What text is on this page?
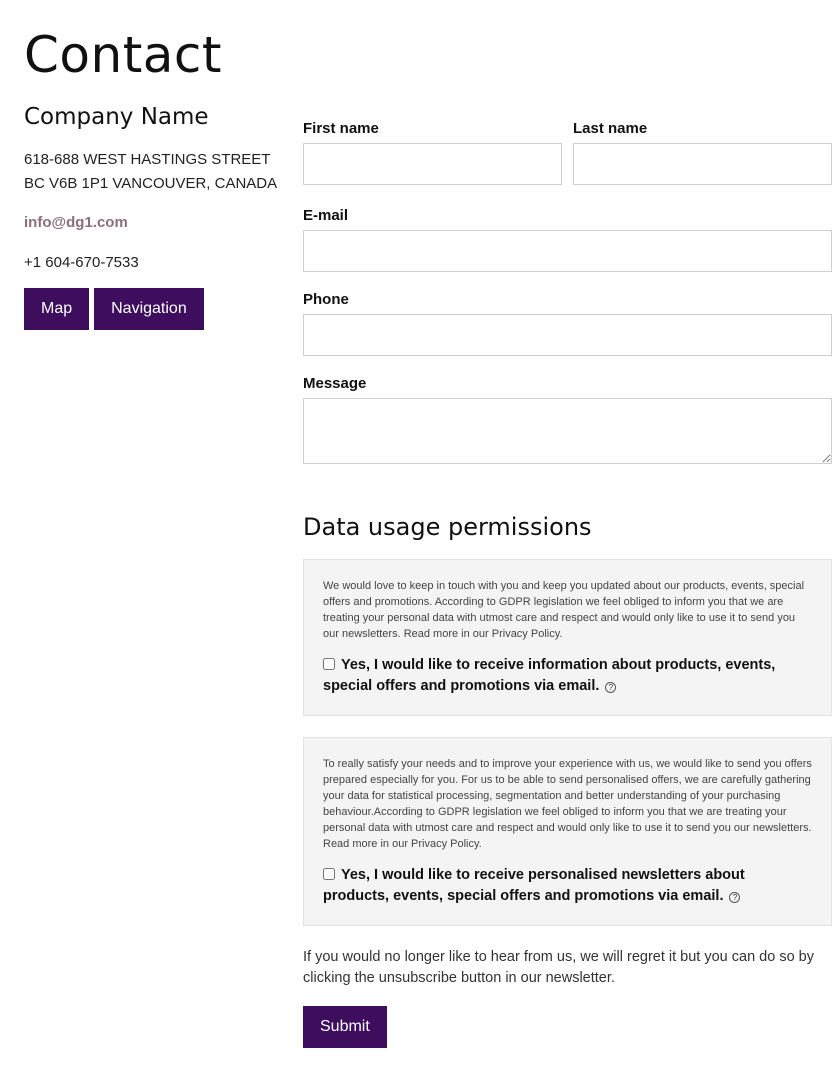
Contact
Company Name
618-688 WEST HASTINGS STREET
BC V6B 1P1 VANCOUVER, CANADA
info@dg1.com
+1 604-670-7533
Map	Navigation
First name	Last name
E-mail
Phone
Message
Data usage permissions
We would love to keep in touch with you and keep you updated about our products, events, special offers and promotions. According to GDPR legislation we feel obliged to inform you that we are treating your personal data with utmost care and respect and would only like to use it to send you our newsletters. Read more in our Privacy Policy.
Yes, I would like to receive information about products, events, special offers and promotions via email. ?
To really satisfy your needs and to improve your experience with us, we would like to send you offers prepared especially for you. For us to be able to send personalised offers, we are carefully gathering your data for statistical processing, segmentation and better understanding of your purchasing behaviour.According to GDPR legislation we feel obliged to inform you that we are treating your personal data with utmost care and respect and would only like to use it to send you our newsletters. Read more in our Privacy Policy.
Yes, I would like to receive personalised newsletters about products, events, special offers and promotions via email. ?

If you would no longer like to hear from us, we will regret it but you can do so by clicking the unsubscribe button in our newsletter.

Submit
